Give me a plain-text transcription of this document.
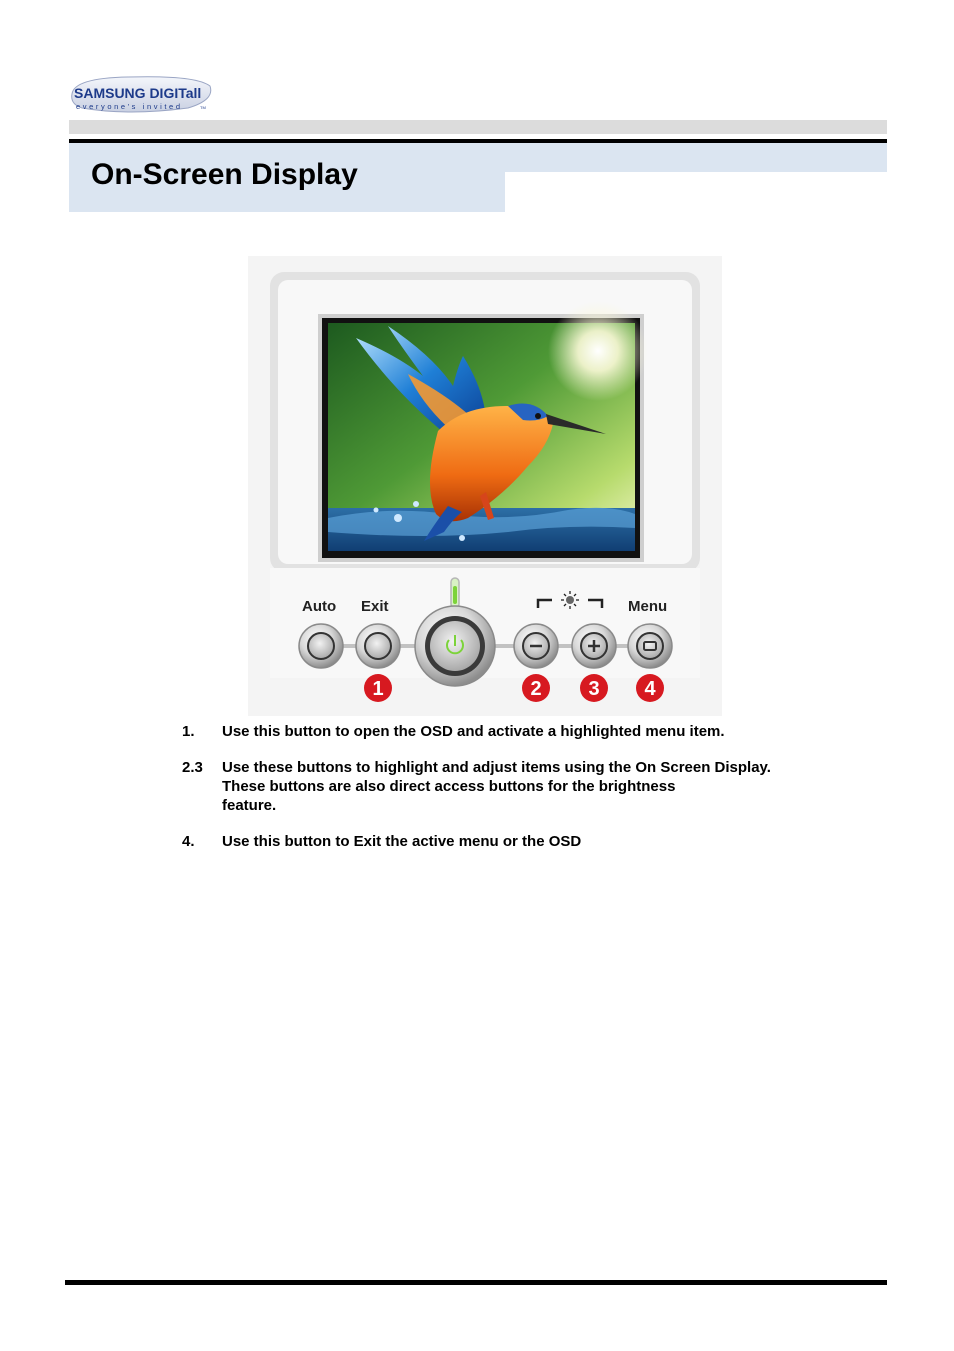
SAMSUNG DIGITall
everyone's invited	TM
On-Screen Display
Auto Exit	Menu
1	2 3 4
1.	Use this button to open the OSD and activate a highlighted menu item.
2.3	Use these buttons to highlight and adjust items using the On Screen Display.
These buttons are also direct access buttons for the brightness
feature.
4.	Use this button to Exit the active menu or the OSD
